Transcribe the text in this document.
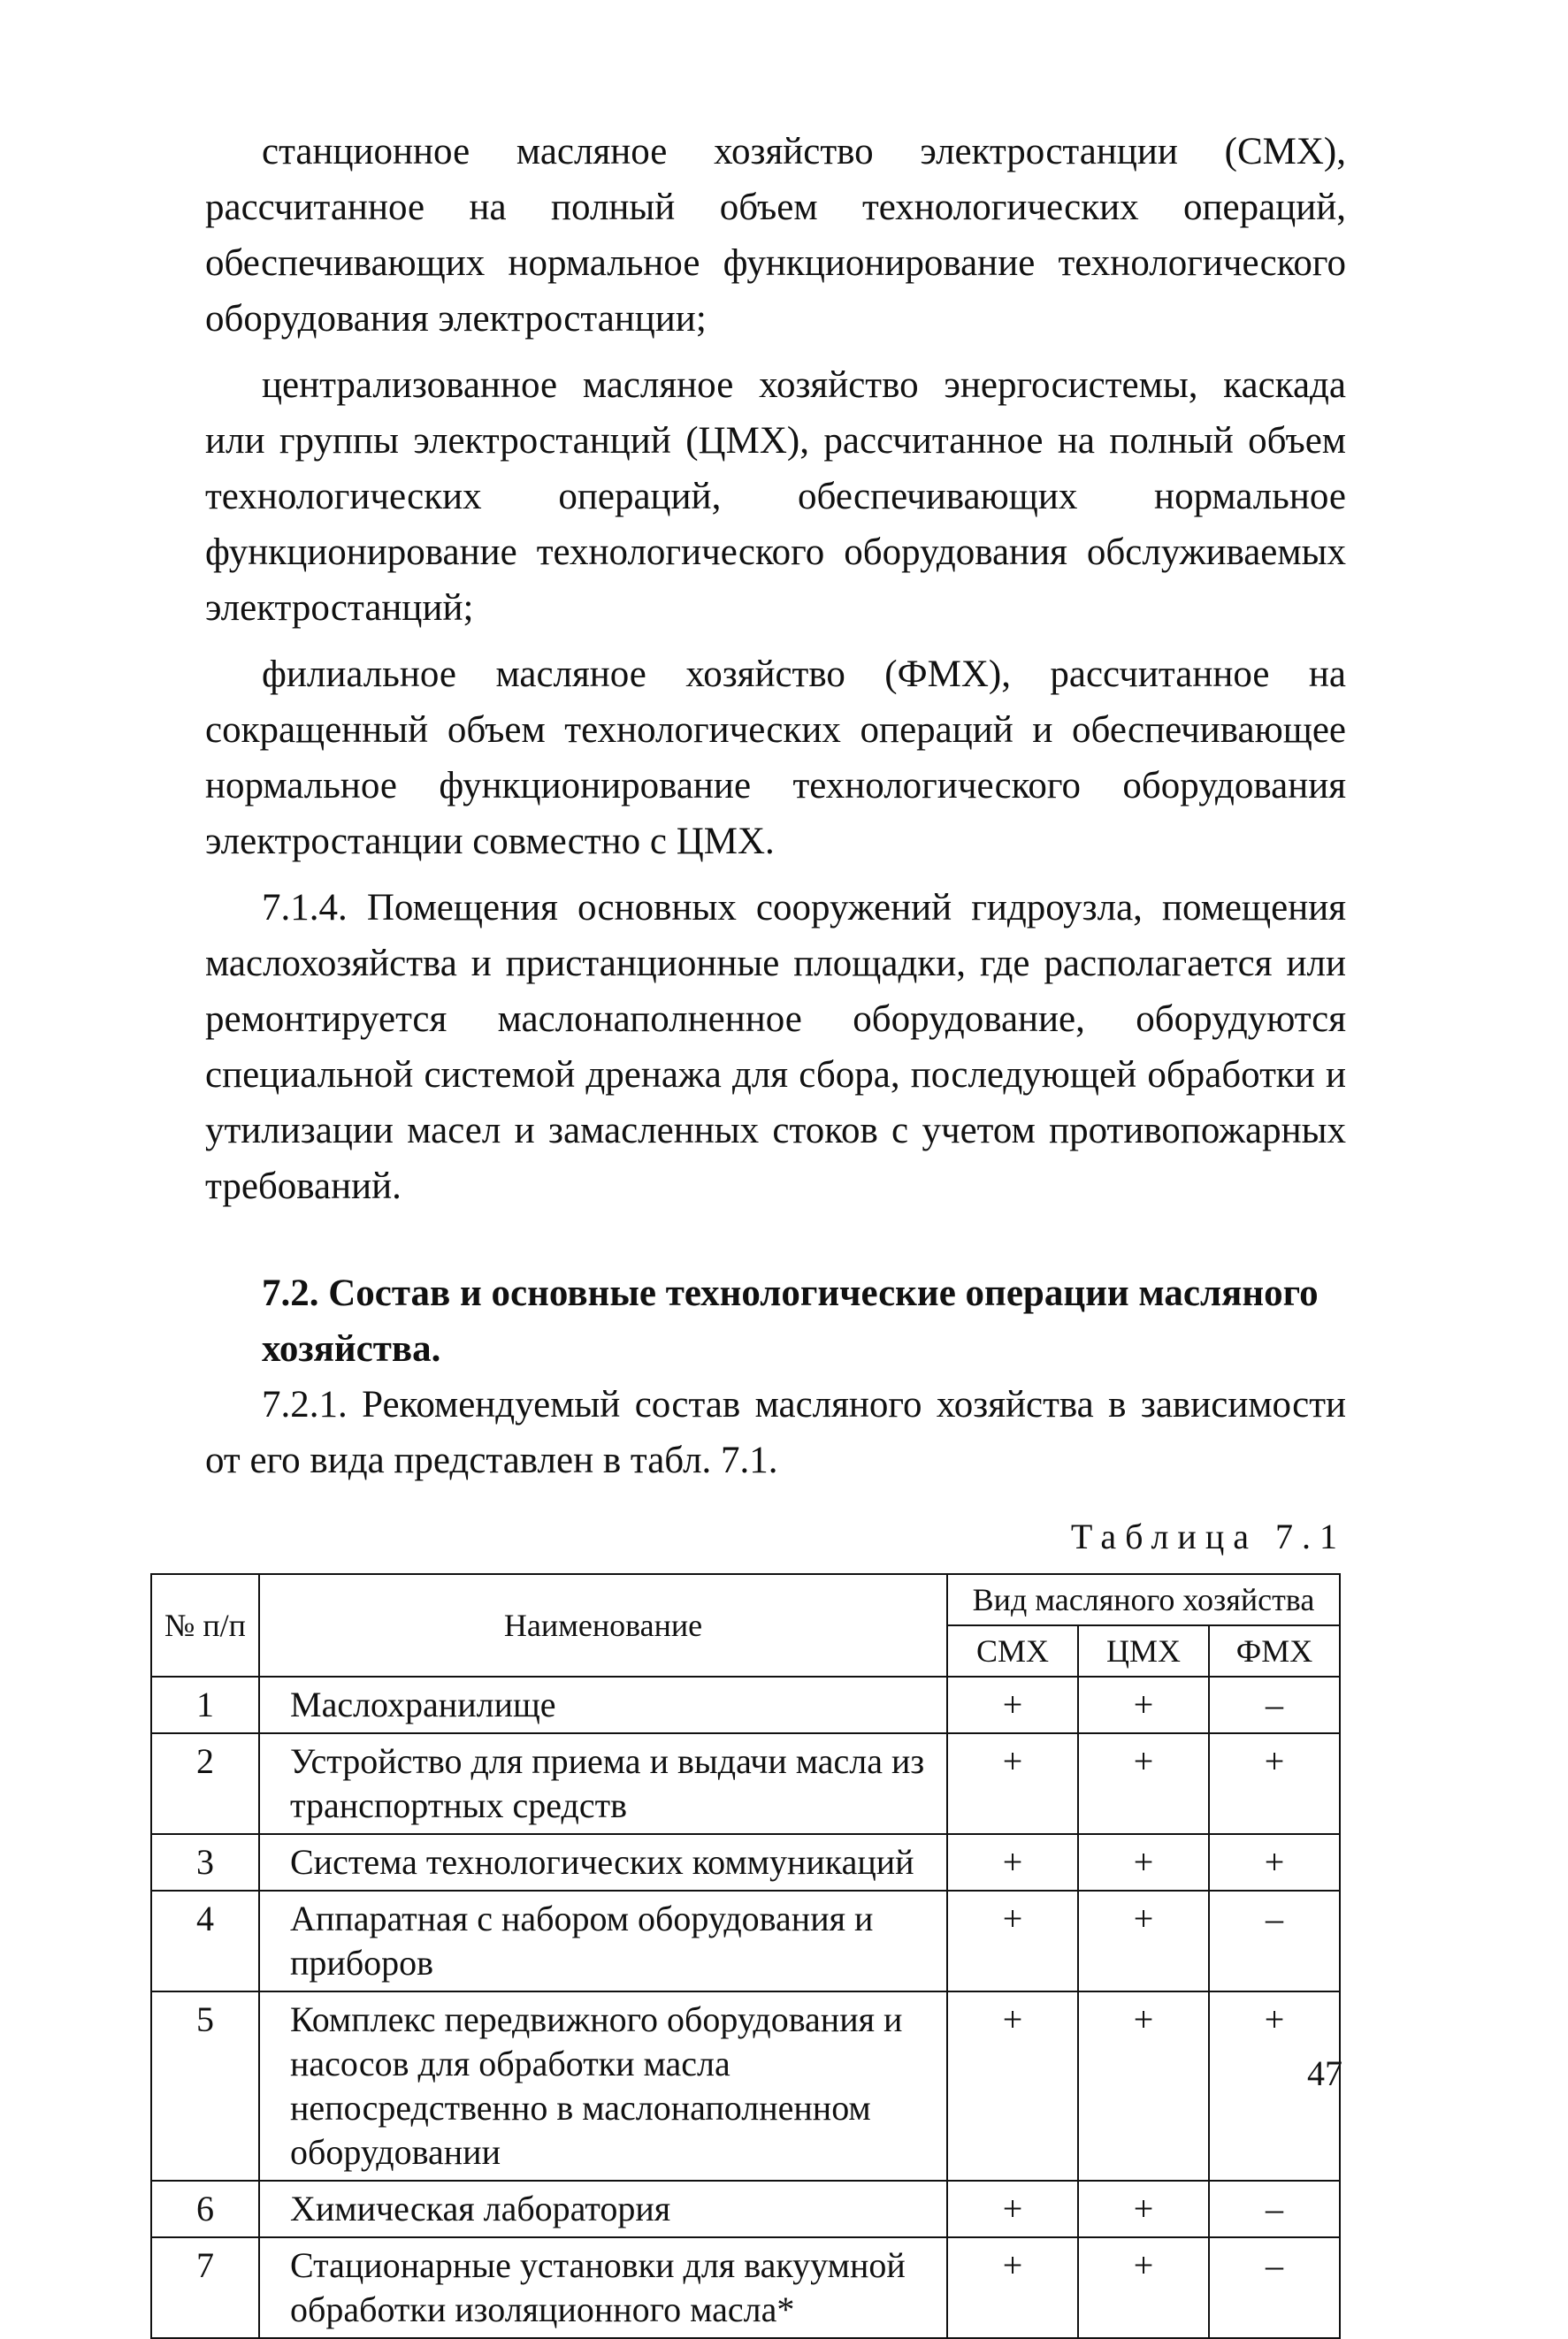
станционное масляное хозяйство электростанции (СМХ), рассчитанное на полный объем технологических операций, обеспечивающих нормальное функционирование технологического оборудования электростанции;

централизованное масляное хозяйство энергосистемы, каскада или группы электростанций (ЦМХ), рассчитанное на полный объем технологических операций, обеспечивающих нормальное функционирование технологического оборудования обслуживаемых электростанций;

филиальное масляное хозяйство (ФМХ), рассчитанное на сокращенный объем технологических операций и обеспечивающее нормальное функционирование технологического оборудования электростанции совместно с ЦМХ.

7.1.4. Помещения основных сооружений гидроузла, помещения маслохозяйства и пристанционные площадки, где располагается или ремонтируется маслонаполненное оборудование, оборудуются специальной системой дренажа для сбора, последующей обработки и утилизации масел и замасленных стоков с учетом противопожарных требований.

7.2. Состав и основные технологические операции масляного хозяйства.

7.2.1. Рекомендуемый состав масляного хозяйства в зависимости от его вида представлен в табл. 7.1.

Таблица 7.1
№ п/п	Наименование	Вид масляного хозяйства		
		СМХ	ЦМХ	ФМХ
1	Маслохранилище	+	+	–
2	Устройство для приема и выдачи масла из транспортных средств	+	+	+
3	Система технологических коммуникаций	+	+	+
4	Аппаратная с набором оборудования и приборов	+	+	–
5	Комплекс передвижного оборудования и насосов для обработки масла непосредственно в маслонаполненном оборудовании	+	+	+
6	Химическая лаборатория	+	+	–
7	Стационарные установки для вакуумной обработки изоляционного масла*	+	+	–
47
